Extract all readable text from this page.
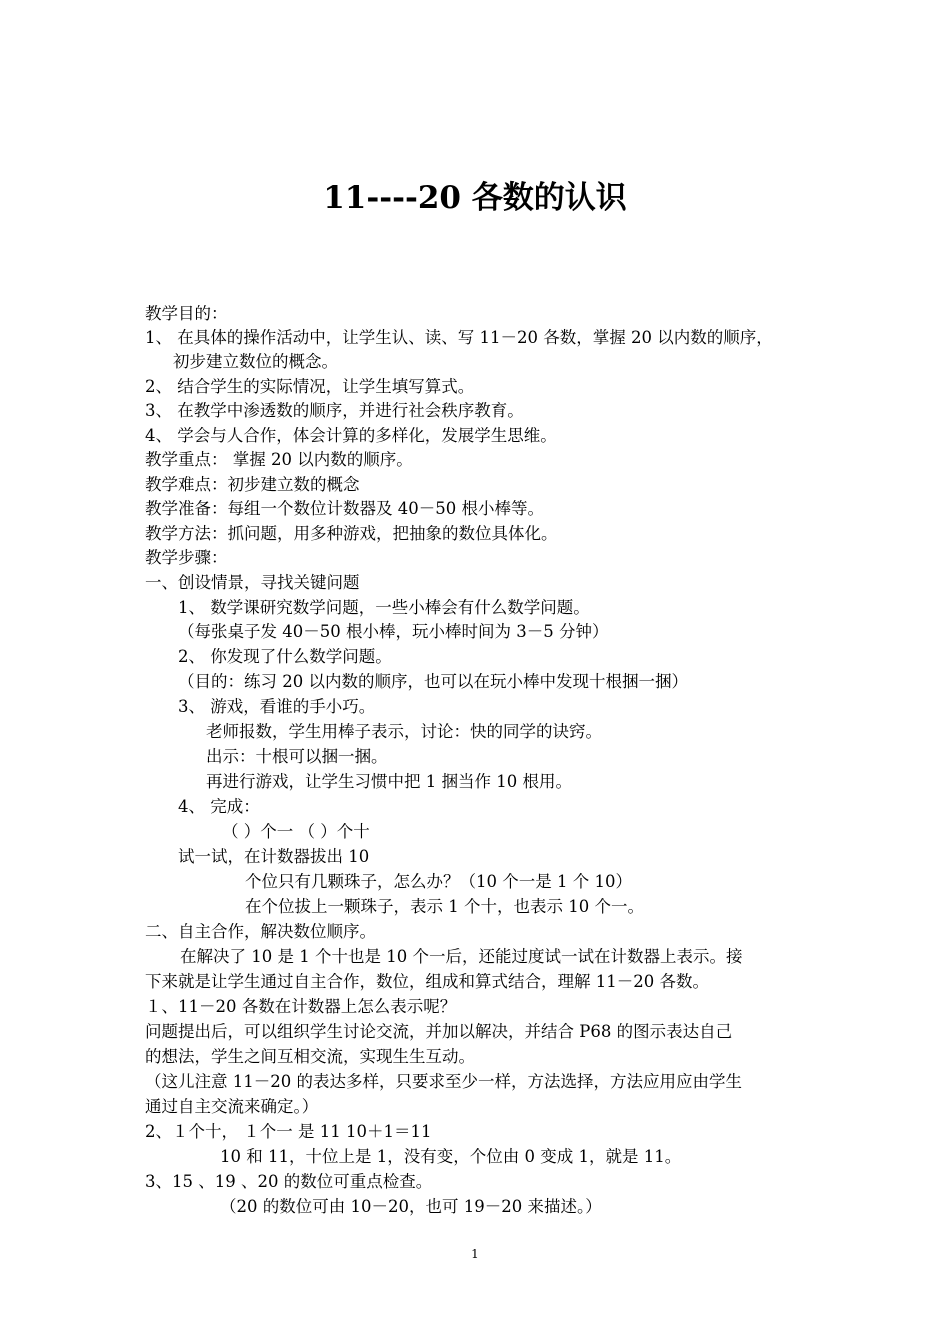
11----20 各数的认识
教学目的：
1、 在具体的操作活动中，让学生认、读、写 11－20 各数，掌握 20 以内数的顺序，
初步建立数位的概念。
2、 结合学生的实际情况，让学生填写算式。
3、 在教学中渗透数的顺序，并进行社会秩序教育。
4、 学会与人合作，体会计算的多样化，发展学生思维。
教学重点： 掌握 20 以内数的顺序。
教学难点：初步建立数的概念
教学准备：每组一个数位计数器及 40－50 根小棒等。
教学方法：抓问题，用多种游戏，把抽象的数位具体化。
教学步骤：
一、创设情景，寻找关键问题
1、 数学课研究数学问题，一些小棒会有什么数学问题。
（每张桌子发 40－50 根小棒，玩小棒时间为 3－5 分钟）
2、 你发现了什么数学问题。
（目的：练习 20 以内数的顺序，也可以在玩小棒中发现十根捆一捆）
3、 游戏，看谁的手小巧。
老师报数，学生用棒子表示，讨论：快的同学的诀窍。
出示：十根可以捆一捆。
再进行游戏，让学生习惯中把 1 捆当作 10 根用。
4、 完成：
（ ）个一 （ ）个十
试一试，在计数器拔出 10
个位只有几颗珠子，怎么办？（10 个一是 1 个 10）
在个位拔上一颗珠子，表示 1 个十，也表示 10 个一。
二、自主合作，解决数位顺序。
在解决了 10 是 1 个十也是 10 个一后，还能过度试一试在计数器上表示。接
下来就是让学生通过自主合作，数位，组成和算式结合，理解 11－20 各数。
１、11－20 各数在计数器上怎么表示呢？
问题提出后，可以组织学生讨论交流，并加以解决，并结合 P68 的图示表达自己
的想法，学生之间互相交流，实现生生互动。
（这儿注意 11－20 的表达多样，只要求至少一样，方法选择，方法应用应由学生
通过自主交流来确定。）
2、１个十， １个一 是 11 10＋1＝11
10 和 11，十位上是 1，没有变，个位由 0 变成 1，就是 11。
3、15 、19 、20 的数位可重点检查。
（20 的数位可由 10－20，也可 19－20 来描述。）
1
